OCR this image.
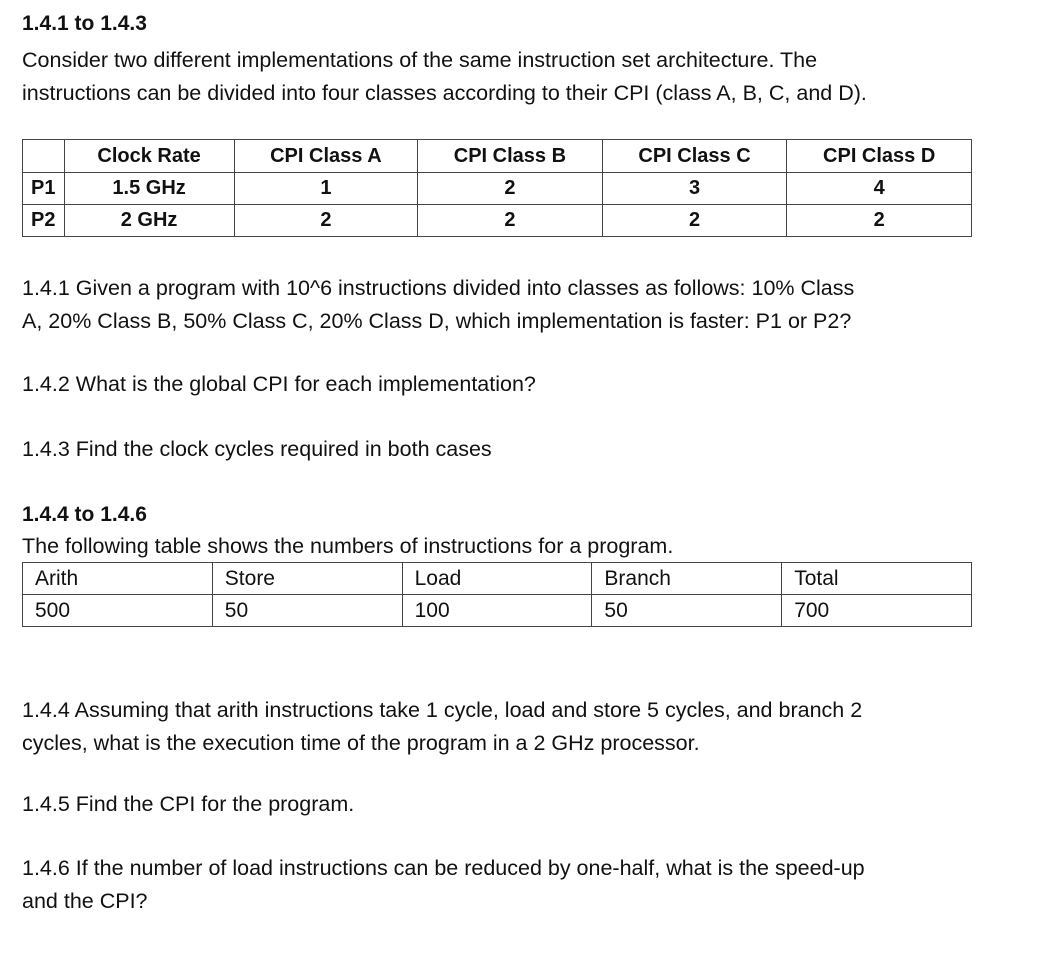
1.4.1 to 1.4.3
Consider two different implementations of the same instruction set architecture. The
instructions can be divided into four classes according to their CPI (class A, B, C, and D).
	Clock Rate	CPI Class A	CPI Class B	CPI Class C	CPI Class D
P1	1.5 GHz	1	2	3	4
P2	2 GHz	2	2	2	2
1.4.1 Given a program with 10^6 instructions divided into classes as follows: 10% Class
A, 20% Class B, 50% Class C, 20% Class D, which implementation is faster: P1 or P2?
1.4.2 What is the global CPI for each implementation?
1.4.3 Find the clock cycles required in both cases
1.4.4 to 1.4.6
The following table shows the numbers of instructions for a program.
Arith	Store	Load	Branch	Total
500	50	100	50	700
1.4.4 Assuming that arith instructions take 1 cycle, load and store 5 cycles, and branch 2
cycles, what is the execution time of the program in a 2 GHz processor.
1.4.5 Find the CPI for the program.
1.4.6 If the number of load instructions can be reduced by one-half, what is the speed-up
and the CPI?
